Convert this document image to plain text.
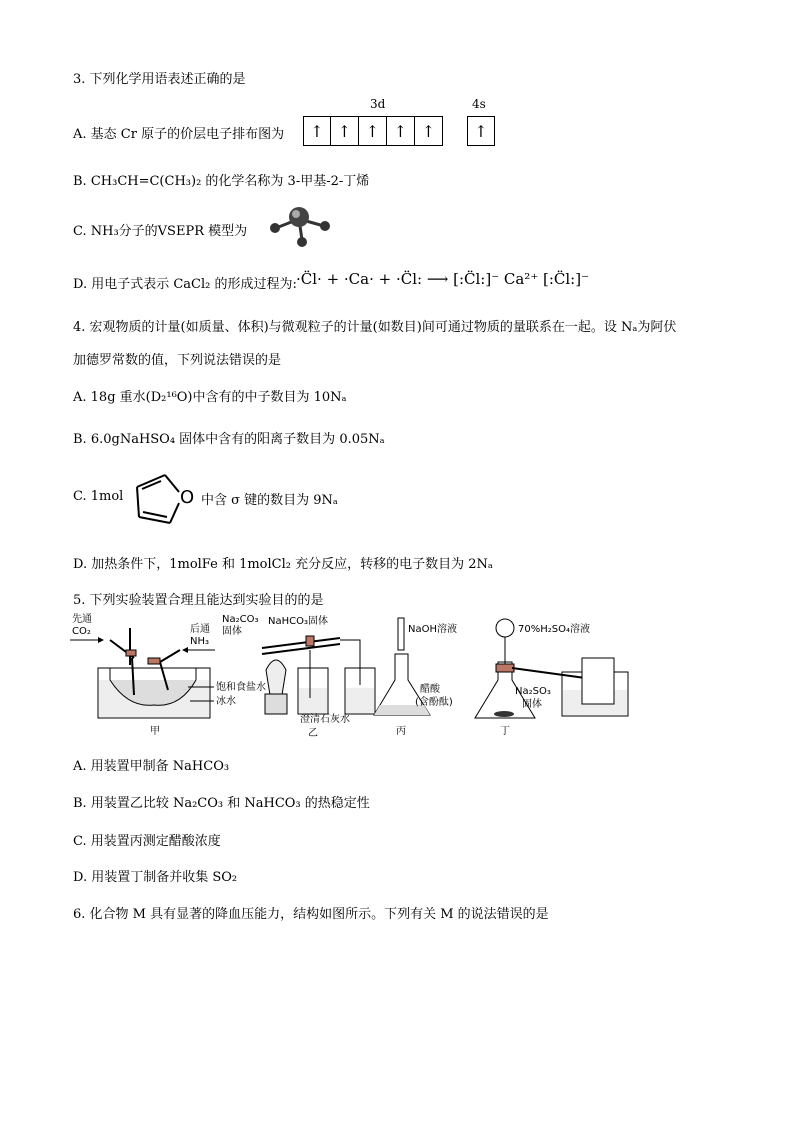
3. 下列化学用语表述正确的是
3d	4s
A. 基态 Cr 原子的价层电子排布图为	↑ ↑ ↑ ↑ ↑	↑
B. CH₃CH=C(CH₃)₂ 的化学名称为 3-甲基-2-丁烯
C. NH₃分子的VSEPR 模型为
D. 用电子式表示 CaCl₂ 的形成过程为: ·C̈l· + ·Ca· + ·C̈l: ⟶ [:C̈l:]⁻ Ca²⁺ [:C̈l:]⁻
4. 宏观物质的计量(如质量、体积)与微观粒子的计量(如数目)间可通过物质的量联系在一起。设 Nₐ为阿伏
加德罗常数的值，下列说法错误的是
A. 18g 重水(D₂¹⁶O)中含有的中子数目为 10Nₐ
B. 6.0gNaHSO₄ 固体中含有的阳离子数目为 0.05Nₐ
C. 1mol	O 中含 σ 键的数目为 9Nₐ
D. 加热条件下，1molFe 和 1molCl₂ 充分反应，转移的电子数目为 2Nₐ
5. 下列实验装置合理且能达到实验目的的是
先通
CO₂	后通
NH₃
饱和食盐水
冰水
甲
Na₂CO₃
固体
NaHCO₃固体
澄清石灰水
乙
NaOH溶液
醋酸
(含酚酞)
丙
70%H₂SO₄溶液
Na₂SO₃
固体
丁
A. 用装置甲制备 NaHCO₃
B. 用装置乙比较 Na₂CO₃ 和 NaHCO₃ 的热稳定性
C. 用装置丙测定醋酸浓度
D. 用装置丁制备并收集 SO₂
6. 化合物 M 具有显著的降血压能力，结构如图所示。下列有关 M 的说法错误的是
